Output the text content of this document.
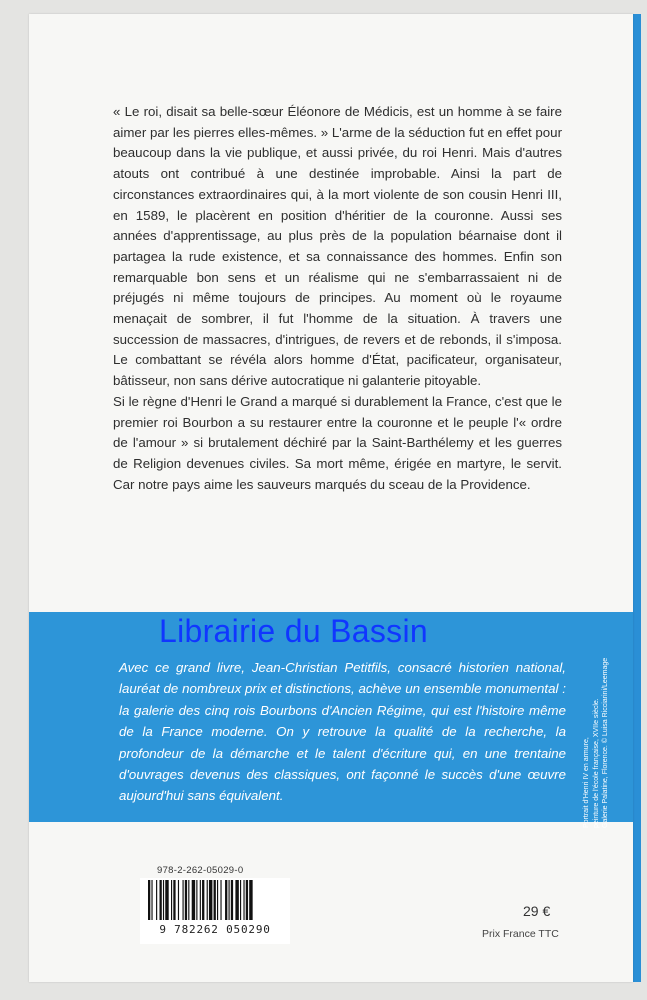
« Le roi, disait sa belle-sœur Éléonore de Médicis, est un homme à se faire aimer par les pierres elles-mêmes. » L'arme de la séduction fut en effet pour beaucoup dans la vie publique, et aussi privée, du roi Henri. Mais d'autres atouts ont contribué à une destinée improbable. Ainsi la part de circonstances extraordinaires qui, à la mort violente de son cousin Henri III, en 1589, le placèrent en position d'héritier de la couronne. Aussi ses années d'apprentissage, au plus près de la population béarnaise dont il partagea la rude existence, et sa connaissance des hommes. Enfin son remarquable bon sens et un réalisme qui ne s'embarrassaient ni de préjugés ni même toujours de principes. Au moment où le royaume menaçait de sombrer, il fut l'homme de la situation. À travers une succession de massacres, d'intrigues, de revers et de rebonds, il s'imposa. Le combattant se révéla alors homme d'État, pacificateur, organisateur, bâtisseur, non sans dérive autocratique ni galanterie pitoyable.

Si le règne d'Henri le Grand a marqué si durablement la France, c'est que le premier roi Bourbon a su restaurer entre la couronne et le peuple l'« ordre de l'amour » si brutalement déchiré par la Saint-Barthélemy et les guerres de Religion devenues civiles. Sa mort même, érigée en martyre, le servit. Car notre pays aime les sauveurs marqués du sceau de la Providence.

Librairie du Bassin

Avec ce grand livre, Jean-Christian Petitfils, consacré historien national, lauréat de nombreux prix et distinctions, achève un ensemble monumental : la galerie des cinq rois Bourbons d'Ancien Régime, qui est l'histoire même de la France moderne. On y retrouve la qualité de la recherche, la profondeur de la démarche et le talent d'écriture qui, en une trentaine d'ouvrages devenus des classiques, ont façonné le succès d'une œuvre aujourd'hui sans équivalent.	Portrait d'Henri IV en armure, peinture de l'école française, XVIIe siècle. Galerie Palatine, Florence. © Luisa Ricciarini/Leemage
978-2-262-05029-0
9 782262 050290
29 €
Prix France TTC
